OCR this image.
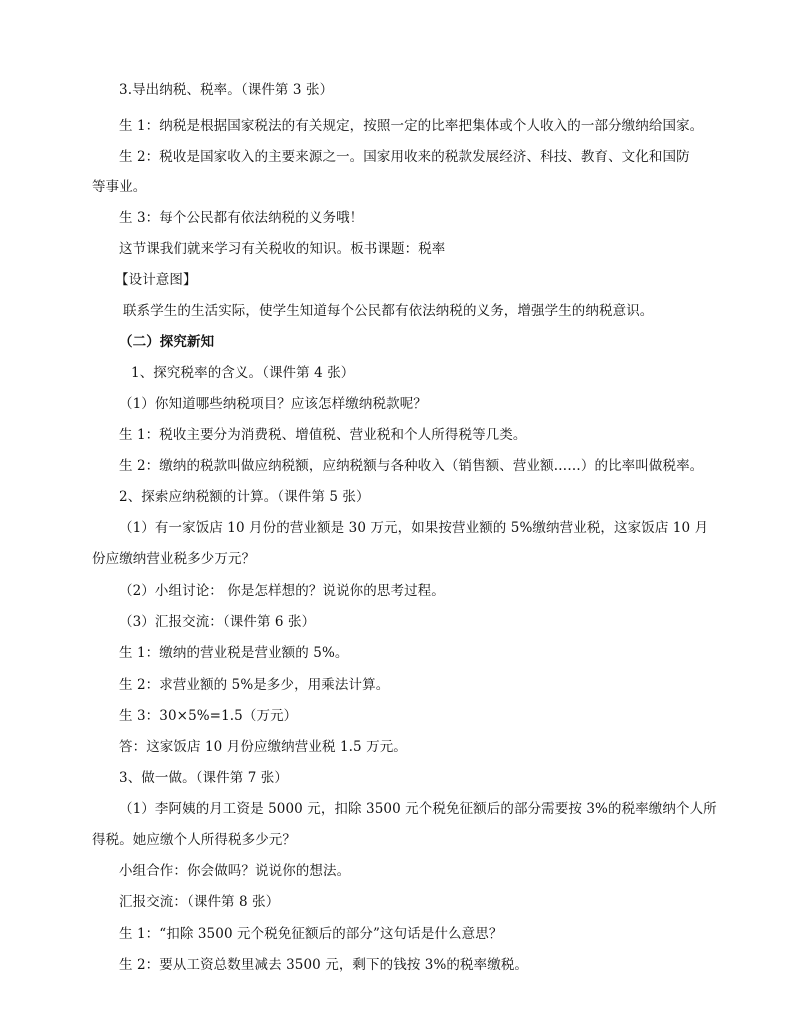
3.导出纳税、税率。（课件第 3 张）
生 1：纳税是根据国家税法的有关规定，按照一定的比率把集体或个人收入的一部分缴纳给国家。
生 2：税收是国家收入的主要来源之一。国家用收来的税款发展经济、科技、教育、文化和国防
等事业。
生 3：每个公民都有依法纳税的义务哦！
这节课我们就来学习有关税收的知识。板书课题：税率
【设计意图】
联系学生的生活实际，使学生知道每个公民都有依法纳税的义务，增强学生的纳税意识。
（二）探究新知
1、探究税率的含义。（课件第 4 张）
（1）你知道哪些纳税项目？应该怎样缴纳税款呢？
生 1：税收主要分为消费税、增值税、营业税和个人所得税等几类。
生 2：缴纳的税款叫做应纳税额，应纳税额与各种收入（销售额、营业额……）的比率叫做税率。
2、探索应纳税额的计算。（课件第 5 张）
（1）有一家饭店 10 月份的营业额是 30 万元，如果按营业额的 5%缴纳营业税，这家饭店 10 月
份应缴纳营业税多少万元？
（2）小组讨论： 你是怎样想的？说说你的思考过程。
（3）汇报交流：（课件第 6 张）
生 1：缴纳的营业税是营业额的 5%。
生 2：求营业额的 5%是多少，用乘法计算。
生 3：30×5%=1.5（万元）
答：这家饭店 10 月份应缴纳营业税 1.5 万元。
3、做一做。（课件第 7 张）
（1）李阿姨的月工资是 5000 元，扣除 3500 元个税免征额后的部分需要按 3%的税率缴纳个人所
得税。她应缴个人所得税多少元？
小组合作：你会做吗？说说你的想法。
汇报交流：（课件第 8 张）
生 1：“扣除 3500 元个税免征额后的部分”这句话是什么意思？
生 2：要从工资总数里减去 3500 元，剩下的钱按 3%的税率缴税。
